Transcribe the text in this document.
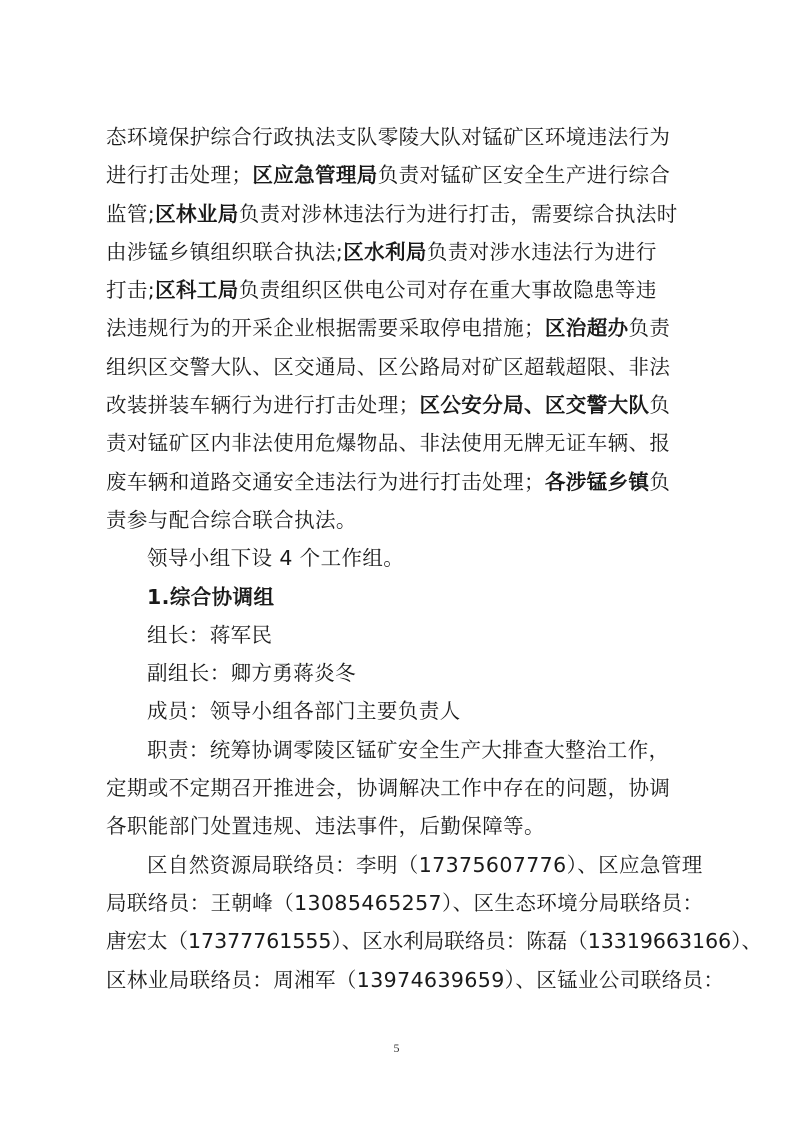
态环境保护综合行政执法支队零陵大队对锰矿区环境违法行为
进行打击处理；区应急管理局负责对锰矿区安全生产进行综合
监管;区林业局负责对涉林违法行为进行打击，需要综合执法时
由涉锰乡镇组织联合执法;区水利局负责对涉水违法行为进行
打击;区科工局负责组织区供电公司对存在重大事故隐患等违
法违规行为的开采企业根据需要采取停电措施；区治超办负责
组织区交警大队、区交通局、区公路局对矿区超载超限、非法
改装拼装车辆行为进行打击处理；区公安分局、区交警大队负
责对锰矿区内非法使用危爆物品、非法使用无牌无证车辆、报
废车辆和道路交通安全违法行为进行打击处理；各涉锰乡镇负
责参与配合综合联合执法。
领导小组下设 4 个工作组。
1.综合协调组
组长：蒋军民
副组长：卿方勇蒋炎冬
成员：领导小组各部门主要负责人
职责：统筹协调零陵区锰矿安全生产大排查大整治工作，
定期或不定期召开推进会，协调解决工作中存在的问题，协调
各职能部门处置违规、违法事件，后勤保障等。
区自然资源局联络员：李明（17375607776）、区应急管理
局联络员：王朝峰（13085465257）、区生态环境分局联络员：
唐宏太（17377761555）、区水利局联络员：陈磊（13319663166）、
区林业局联络员：周湘军（13974639659）、区锰业公司联络员：
5
